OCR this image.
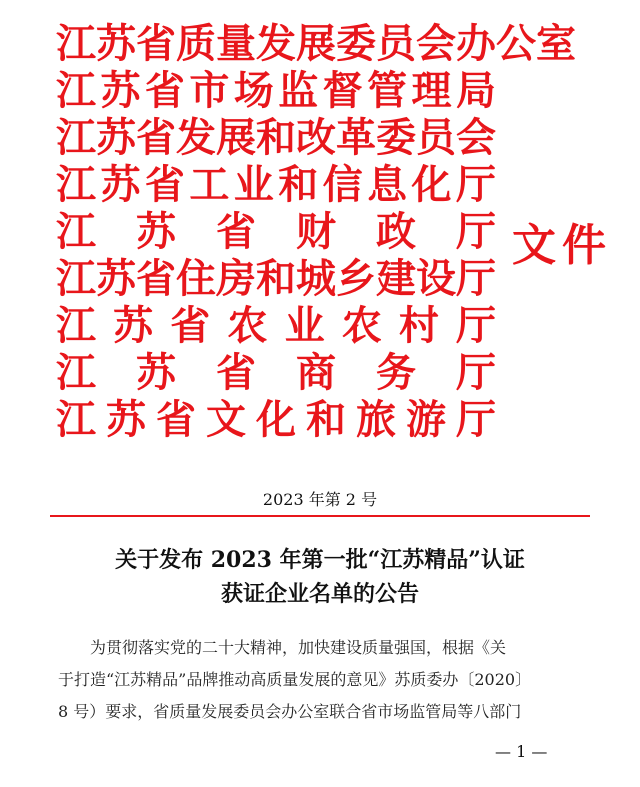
江 苏 省 质 量 发 展 委 员 会 办 公 室
江 苏 省 市 场 监 督 管 理 局
江 苏 省 发 展 和 改 革 委 员 会
江 苏 省 工 业 和 信 息 化 厅
江 苏 省 财 政 厅
江 苏 省 住 房 和 城 乡 建 设 厅
江 苏 省 农 业 农 村 厅
江 苏 省 商 务 厅
江 苏 省 文 化 和 旅 游 厅
文件
2023 年第 2 号
关于发布 2023 年第一批“江苏精品”认证
获证企业名单的公告
为贯彻落实党的二十大精神，加快建设质量强国，根据《关
于打造“江苏精品”品牌推动高质量发展的意见》苏质委办〔2020〕
8 号）要求，省质量发展委员会办公室联合省市场监管局等八部门
— 1 —
